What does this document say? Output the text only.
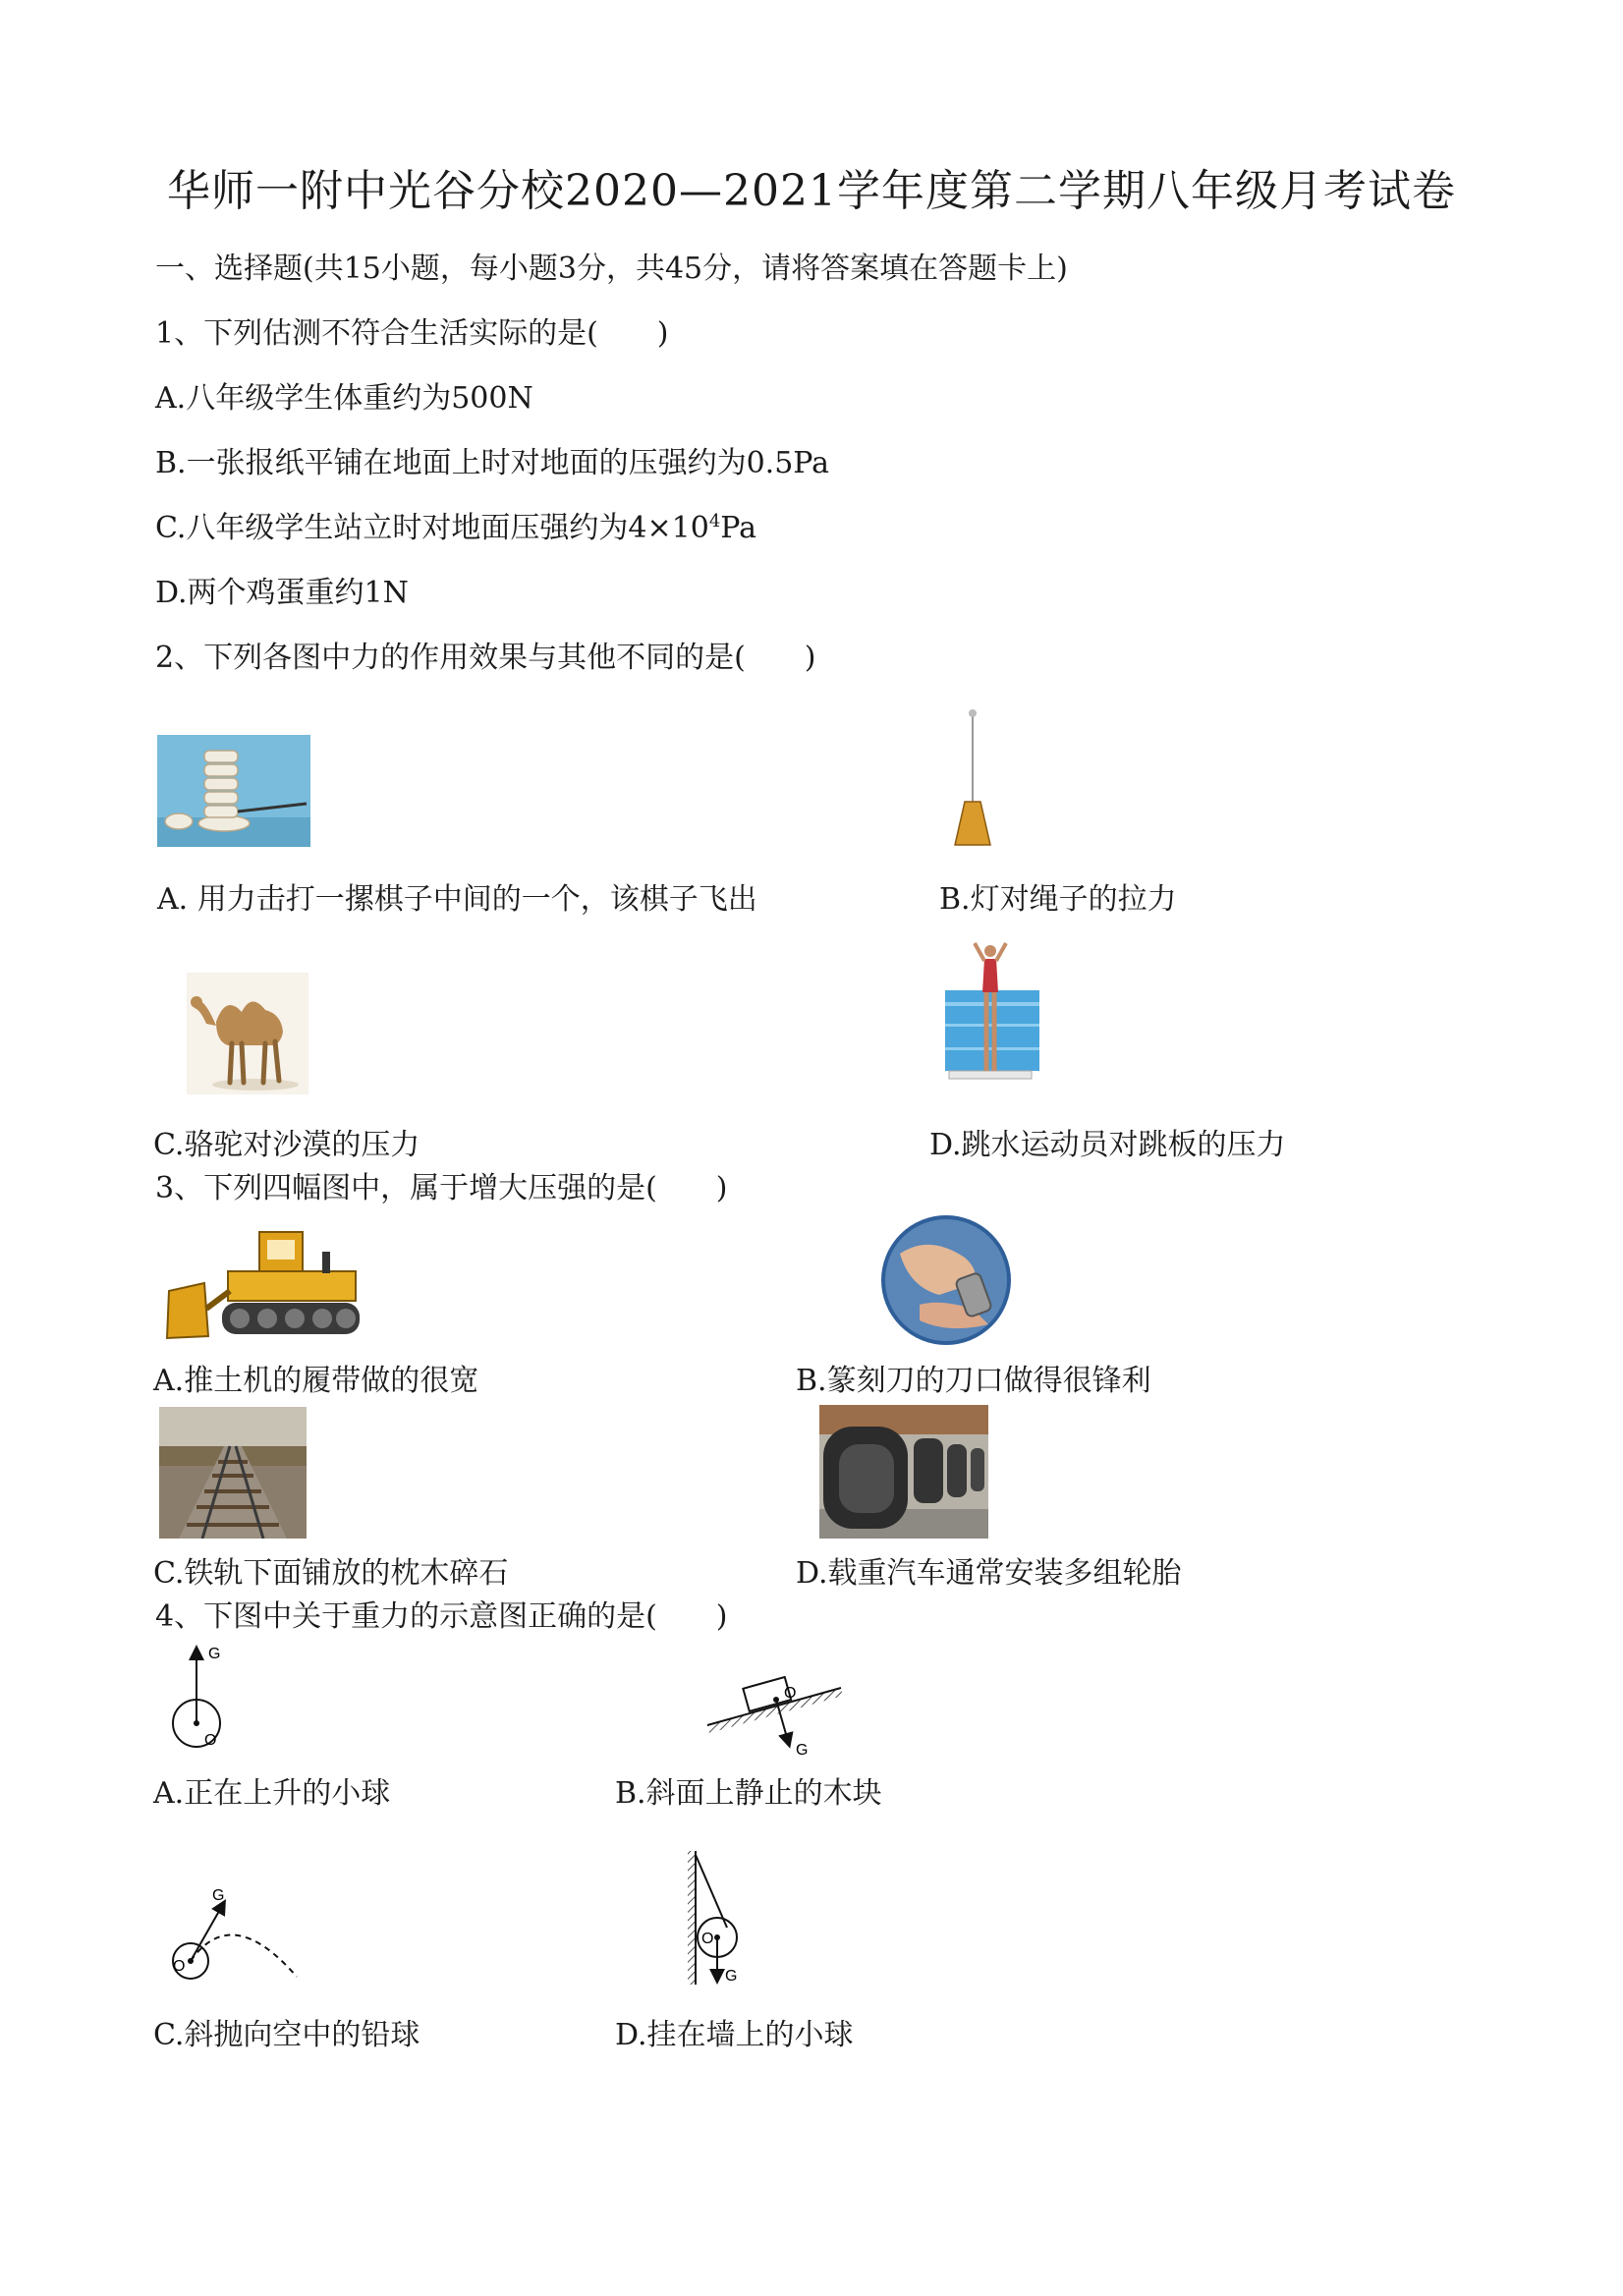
华师一附中光谷分校2020—2021学年度第二学期八年级月考试卷
一、选择题(共15小题，每小题3分，共45分，请将答案填在答题卡上)
1、下列估测不符合生活实际的是(　　)
A.八年级学生体重约为500N
B.一张报纸平铺在地面上时对地面的压强约为0.5Pa
C.八年级学生站立时对地面压强约为$4\times 10^4Pa$
D.两个鸡蛋重约1N
2、下列各图中力的作用效果与其他不同的是(　　)
A. 用力击打一摞棋子中间的一个，该棋子飞出	B.灯对绳子的拉力
C.骆驼对沙漠的压力	D.跳水运动员对跳板的压力
3、下列四幅图中，属于增大压强的是(　　)
A.推土机的履带做的很宽	B.篆刻刀的刀口做得很锋利
C.铁轨下面铺放的枕木碎石	D.载重汽车通常安装多组轮胎
4、下图中关于重力的示意图正确的是(　　)
G
O
O
G
A.正在上升的小球	B.斜面上静止的木块
G
O
O
G
C.斜抛向空中的铅球	D.挂在墙上的小球
